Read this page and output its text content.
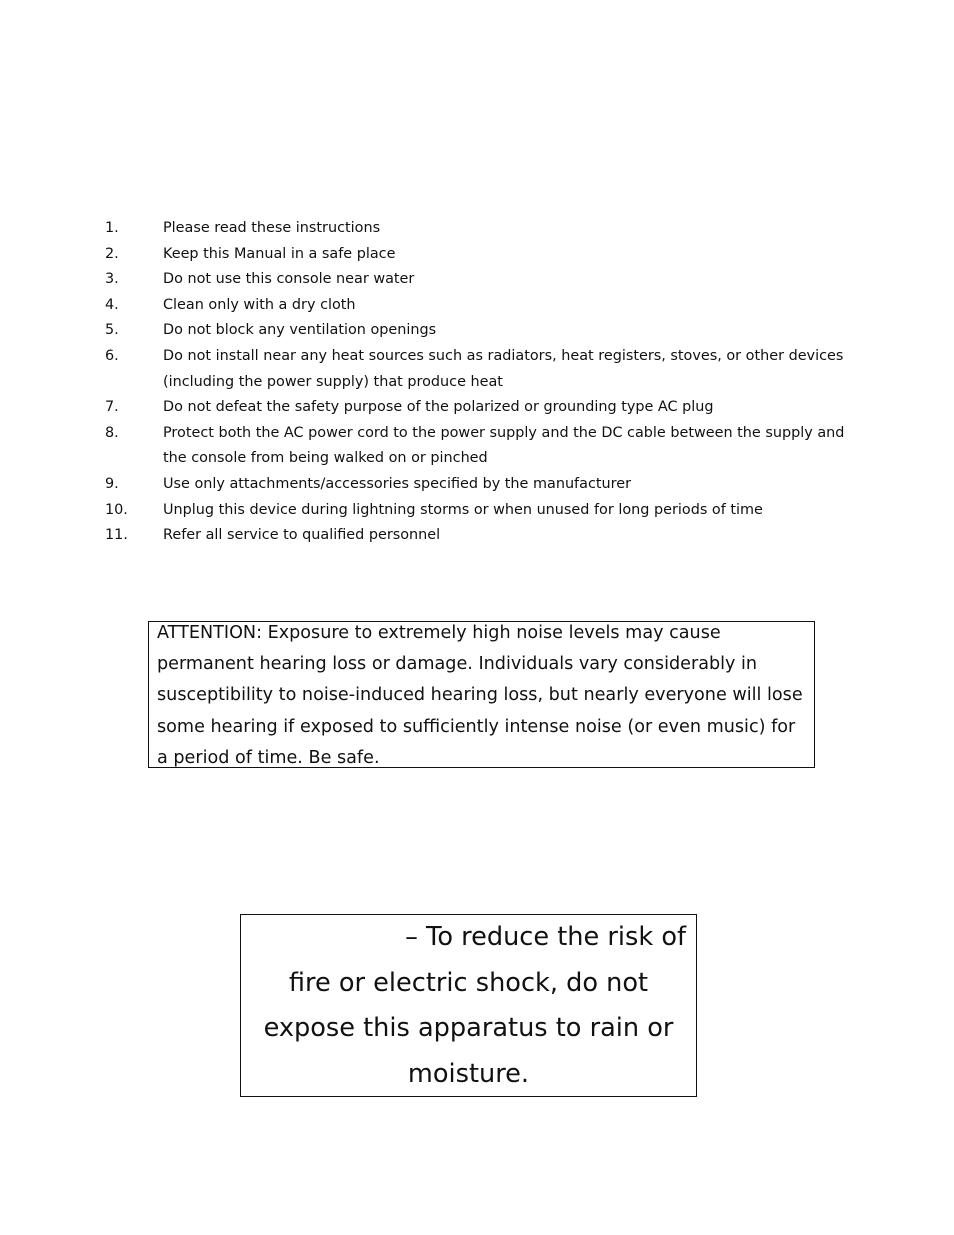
1.	Please read these instructions
2.	Keep this Manual in a safe place
3.	Do not use this console near water
4.	Clean only with a dry cloth
5.	Do not block any ventilation openings
6.	Do not install near any heat sources such as radiators, heat registers, stoves, or other devices (including the power supply) that produce heat
7.	Do not defeat the safety purpose of the polarized or grounding type AC plug
8.	Protect both the AC power cord to the power supply and the DC cable between the supply and the console from being walked on or pinched
9.	Use only attachments/accessories specified by the manufacturer
10.	Unplug this device during lightning storms or when unused for long periods of time
11.	Refer all service to qualified personnel
ATTENTION: Exposure to extremely high noise levels may cause permanent hearing loss or damage. Individuals vary considerably in susceptibility to noise-induced hearing loss, but nearly everyone will lose some hearing if exposed to sufficiently intense noise (or even music) for a period of time. Be safe.
– To reduce the risk of
fire or electric shock, do not
expose this apparatus to rain or
moisture.
